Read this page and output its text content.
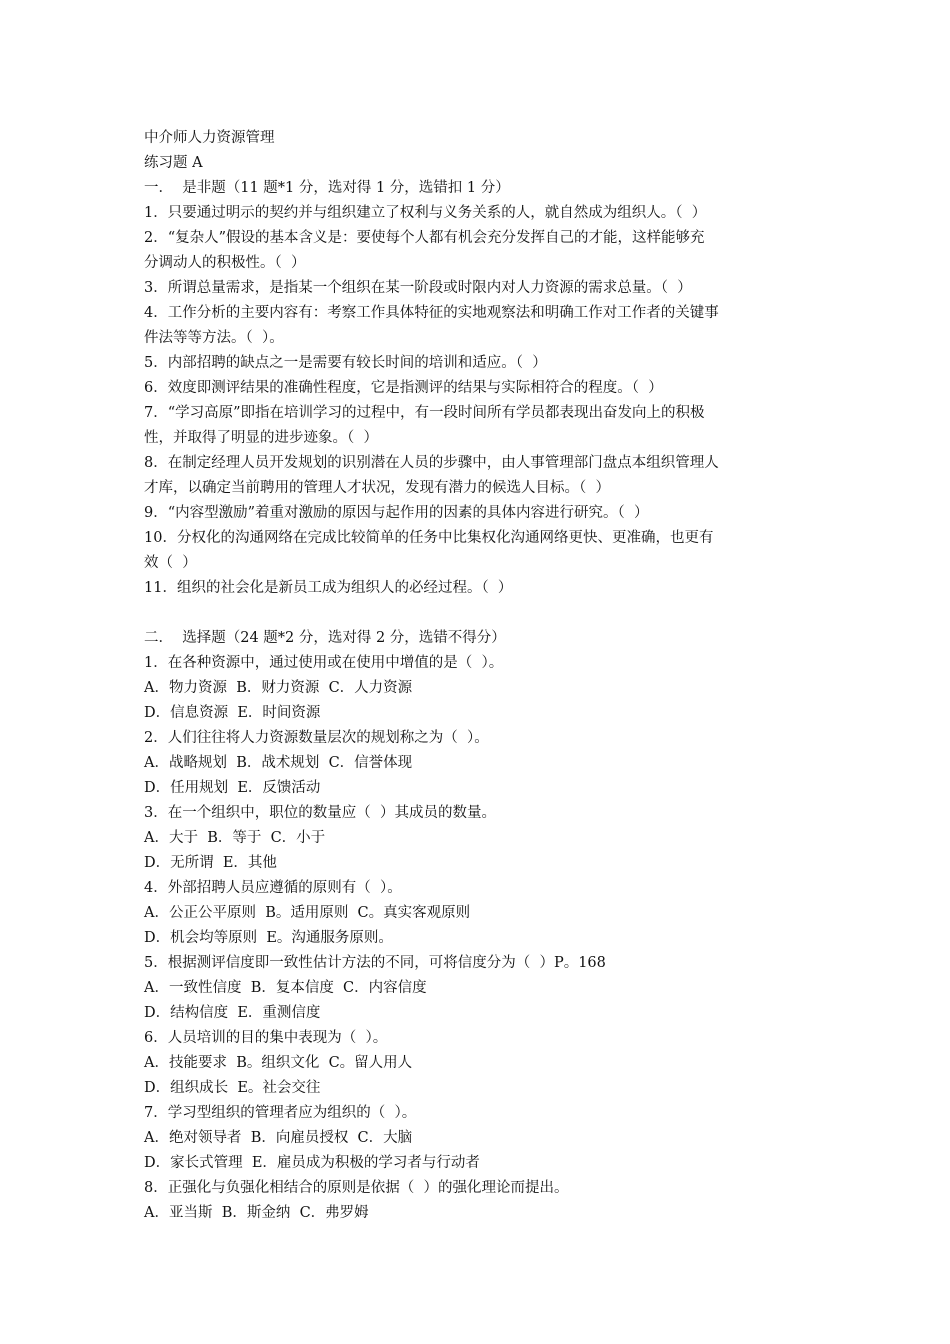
中介师人力资源管理

练习题 A

一．  是非题（11 题*1 分，选对得 1 分，选错扣 1 分）

1．只要通过明示的契约并与组织建立了权利与义务关系的人，就自然成为组织人。（  ）

2．“复杂人”假设的基本含义是：要使每个人都有机会充分发挥自己的才能，这样能够充

分调动人的积极性。（  ）

3．所谓总量需求，是指某一个组织在某一阶段或时限内对人力资源的需求总量。（  ）

4．工作分析的主要内容有：考察工作具体特征的实地观察法和明确工作对工作者的关键事

件法等等方法。（  ）。

5．内部招聘的缺点之一是需要有较长时间的培训和适应。（  ）

6．效度即测评结果的准确性程度，它是指测评的结果与实际相符合的程度。（  ）

7．“学习高原”即指在培训学习的过程中，有一段时间所有学员都表现出奋发向上的积极

性，并取得了明显的进步迹象。（  ）

8．在制定经理人员开发规划的识别潜在人员的步骤中，由人事管理部门盘点本组织管理人

才库，以确定当前聘用的管理人才状况，发现有潜力的候选人目标。（  ）

9．“内容型激励”着重对激励的原因与起作用的因素的具体内容进行研究。（  ）

10．分权化的沟通网络在完成比较简单的任务中比集权化沟通网络更快、更准确，也更有

效（  ）

11．组织的社会化是新员工成为组织人的必经过程。（  ）

二．  选择题（24 题*2 分，选对得 2 分，选错不得分）

1．在各种资源中，通过使用或在使用中增值的是（  ）。

A．物力资源  B．财力资源  C．人力资源

D．信息资源  E．时间资源

2．人们往往将人力资源数量层次的规划称之为（  ）。

A．战略规划  B．战术规划  C．信誉体现

D．任用规划  E．反馈活动

3．在一个组织中，职位的数量应（  ）其成员的数量。

A．大于  B．等于  C．小于

D．无所谓  E．其他

4．外部招聘人员应遵循的原则有（  ）。

A．公正公平原则  B。适用原则  C。真实客观原则

D．机会均等原则  E。沟通服务原则。

5．根据测评信度即一致性估计方法的不同，可将信度分为（  ）P。168

A．一致性信度  B．复本信度  C．内容信度

D．结构信度  E．重测信度

6．人员培训的目的集中表现为（  ）。

A．技能要求  B。组织文化  C。留人用人

D．组织成长  E。社会交往

7．学习型组织的管理者应为组织的（  ）。

A．绝对领导者  B．向雇员授权  C．大脑

D．家长式管理  E．雇员成为积极的学习者与行动者

8．正强化与负强化相结合的原则是依据（  ）的强化理论而提出。

A．亚当斯  B．斯金纳  C．弗罗姆
